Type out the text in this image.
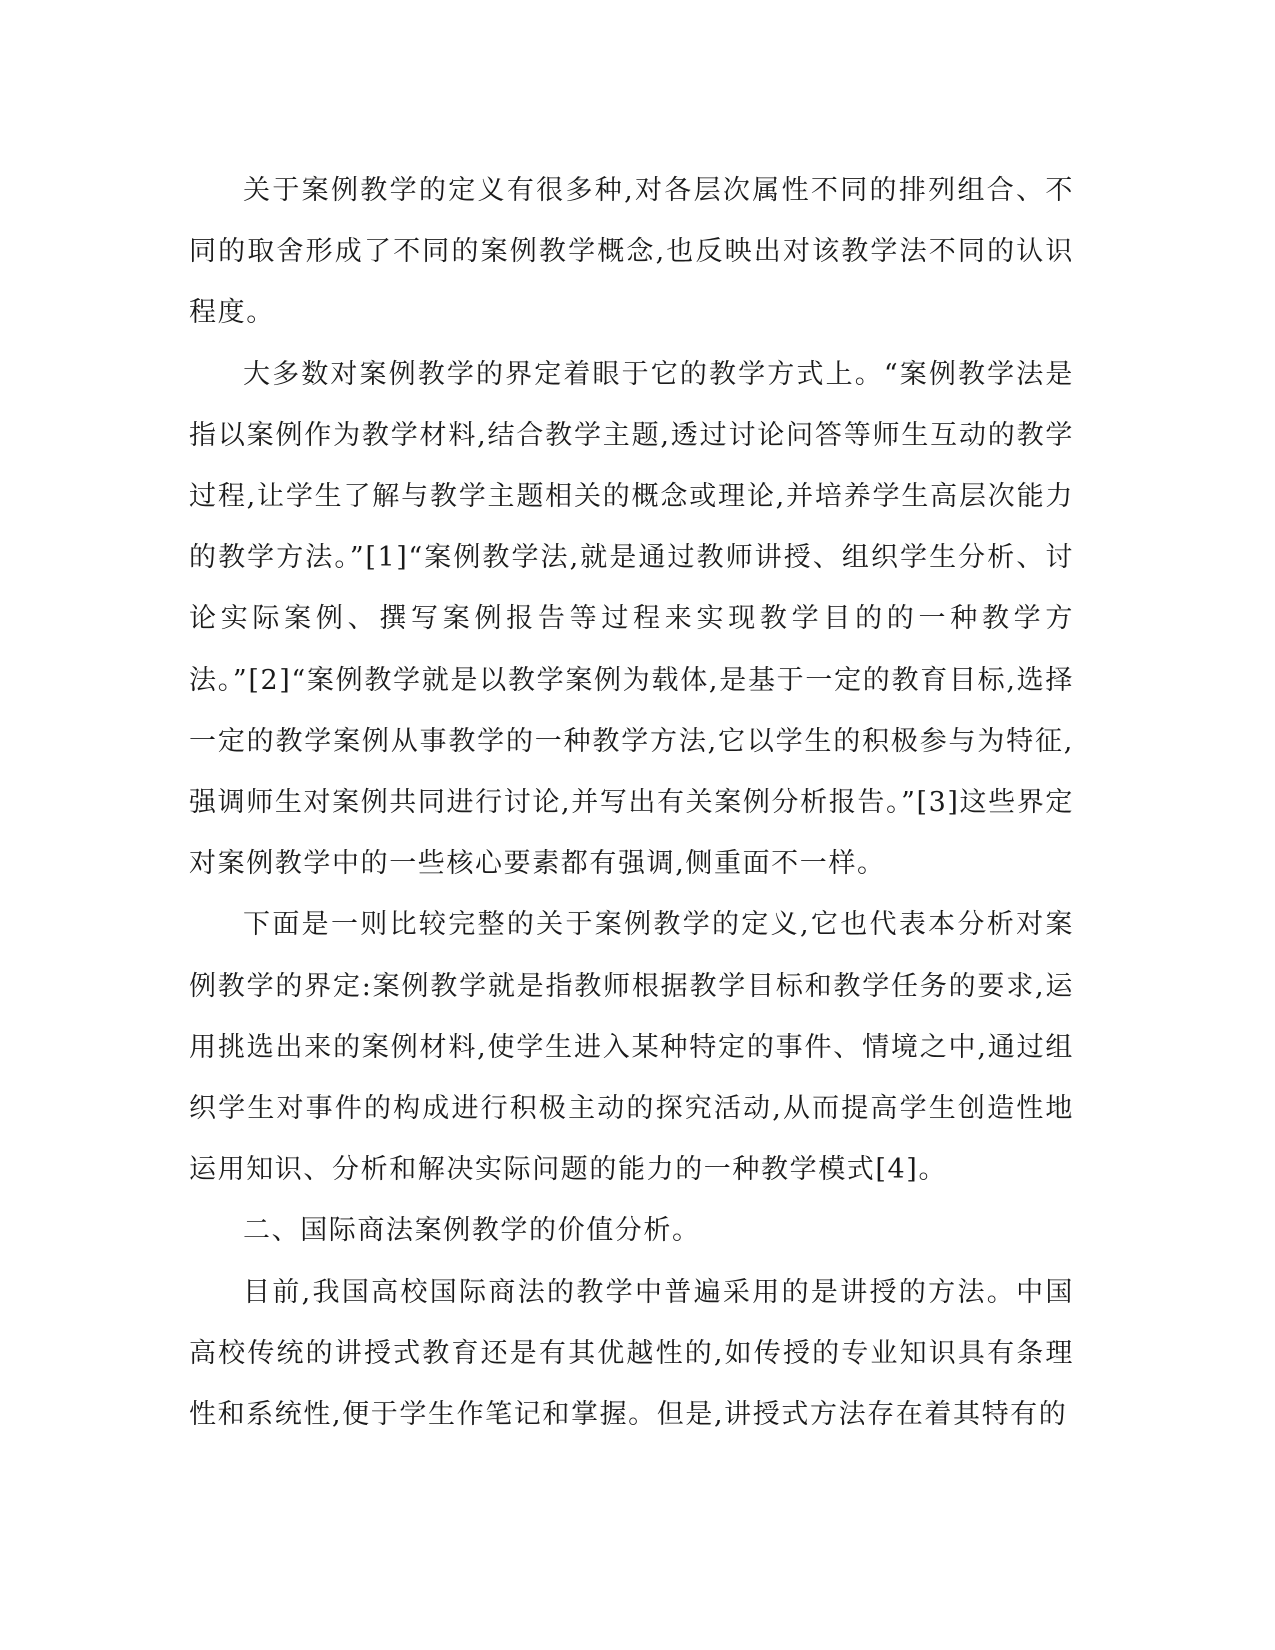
关于案例教学的定义有很多种,对各层次属性不同的排列组合、不同的取舍形成了不同的案例教学概念,也反映出对该教学法不同的认识程度。

大多数对案例教学的界定着眼于它的教学方式上。“案例教学法是指以案例作为教学材料,结合教学主题,透过讨论问答等师生互动的教学过程,让学生了解与教学主题相关的概念或理论,并培养学生高层次能力的教学方法。”[1]“案例教学法,就是通过教师讲授、组织学生分析、讨论实际案例、撰写案例报告等过程来实现教学目的的一种教学方法。”[2]“案例教学就是以教学案例为载体,是基于一定的教育目标,选择一定的教学案例从事教学的一种教学方法,它以学生的积极参与为特征,强调师生对案例共同进行讨论,并写出有关案例分析报告。”[3]这些界定对案例教学中的一些核心要素都有强调,侧重面不一样。

下面是一则比较完整的关于案例教学的定义,它也代表本分析对案例教学的界定:案例教学就是指教师根据教学目标和教学任务的要求,运用挑选出来的案例材料,使学生进入某种特定的事件、情境之中,通过组织学生对事件的构成进行积极主动的探究活动,从而提高学生创造性地运用知识、分析和解决实际问题的能力的一种教学模式[4]。

二、国际商法案例教学的价值分析。

目前,我国高校国际商法的教学中普遍采用的是讲授的方法。中国高校传统的讲授式教育还是有其优越性的,如传授的专业知识具有条理性和系统性,便于学生作笔记和掌握。但是,讲授式方法存在着其特有的
